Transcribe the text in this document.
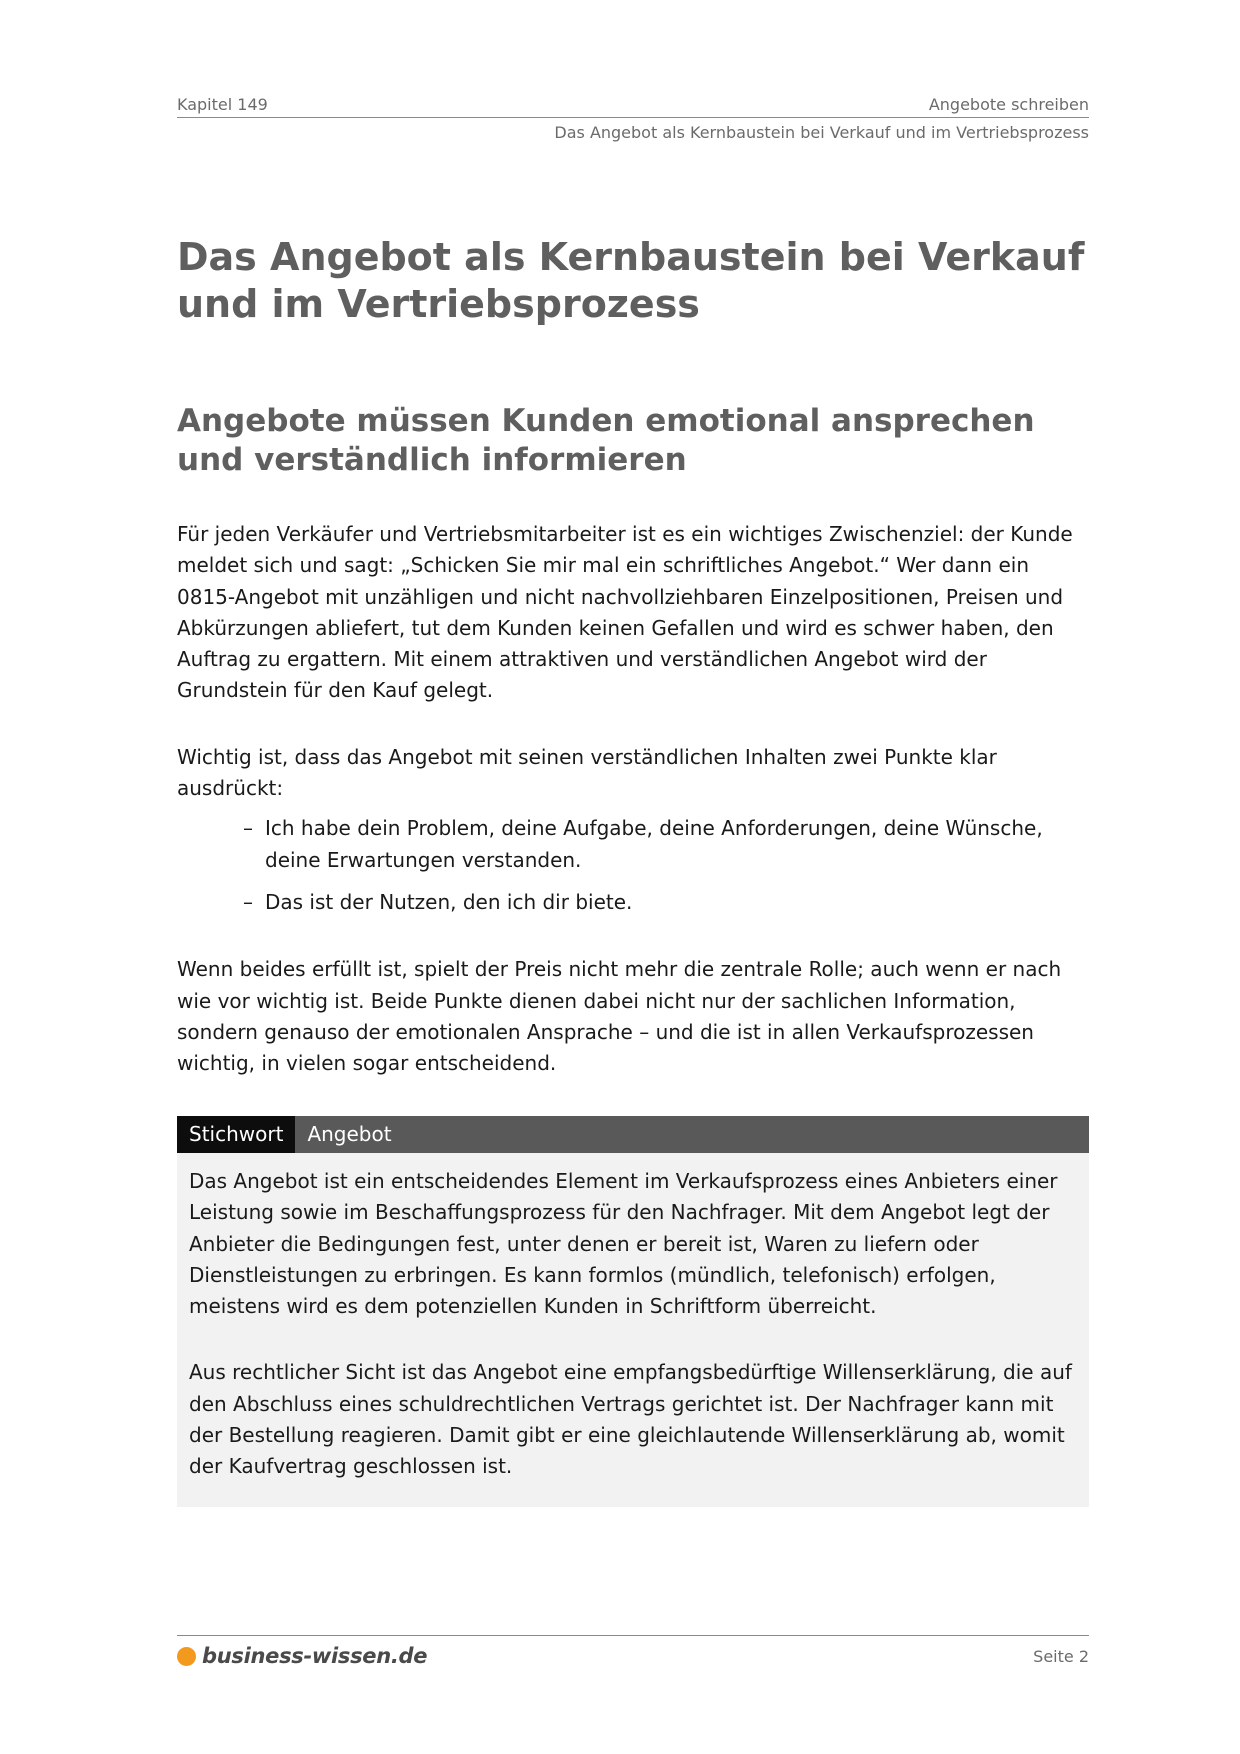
Kapitel 149	Angebote schreiben
Das Angebot als Kernbaustein bei Verkauf und im Vertriebsprozess
Das Angebot als Kernbaustein bei Verkauf und im Vertriebsprozess
Angebote müssen Kunden emotional ansprechen und verständlich informieren

Für jeden Verkäufer und Vertriebsmitarbeiter ist es ein wichtiges Zwischenziel: der Kunde meldet sich und sagt: „Schicken Sie mir mal ein schriftliches Angebot.“ Wer dann ein 0815-Angebot mit unzähligen und nicht nachvollziehbaren Einzelpositionen, Preisen und Abkürzungen abliefert, tut dem Kunden keinen Gefallen und wird es schwer haben, den Auftrag zu ergattern. Mit einem attraktiven und verständlichen Angebot wird der Grundstein für den Kauf gelegt.

Wichtig ist, dass das Angebot mit seinen verständlichen Inhalten zwei Punkte klar ausdrückt:

– Ich habe dein Problem, deine Aufgabe, deine Anforderungen, deine Wünsche, deine Erwartungen verstanden.
– Das ist der Nutzen, den ich dir biete.

Wenn beides erfüllt ist, spielt der Preis nicht mehr die zentrale Rolle; auch wenn er nach wie vor wichtig ist. Beide Punkte dienen dabei nicht nur der sachlichen Information, sondern genauso der emotionalen Ansprache – und die ist in allen Verkaufsprozessen wichtig, in vielen sogar entscheidend.

Stichwort	Angebot

Das Angebot ist ein entscheidendes Element im Verkaufsprozess eines Anbieters einer Leistung sowie im Beschaffungsprozess für den Nachfrager. Mit dem Angebot legt der Anbieter die Bedingungen fest, unter denen er bereit ist, Waren zu liefern oder Dienstleistungen zu erbringen. Es kann formlos (mündlich, telefonisch) erfolgen, meistens wird es dem potenziellen Kunden in Schriftform überreicht.

Aus rechtlicher Sicht ist das Angebot eine empfangsbedürftige Willenserklärung, die auf den Abschluss eines schuldrechtlichen Vertrags gerichtet ist. Der Nachfrager kann mit der Bestellung reagieren. Damit gibt er eine gleichlautende Willenserklärung ab, womit der Kaufvertrag geschlossen ist.

business-wissen.de	Seite 2
